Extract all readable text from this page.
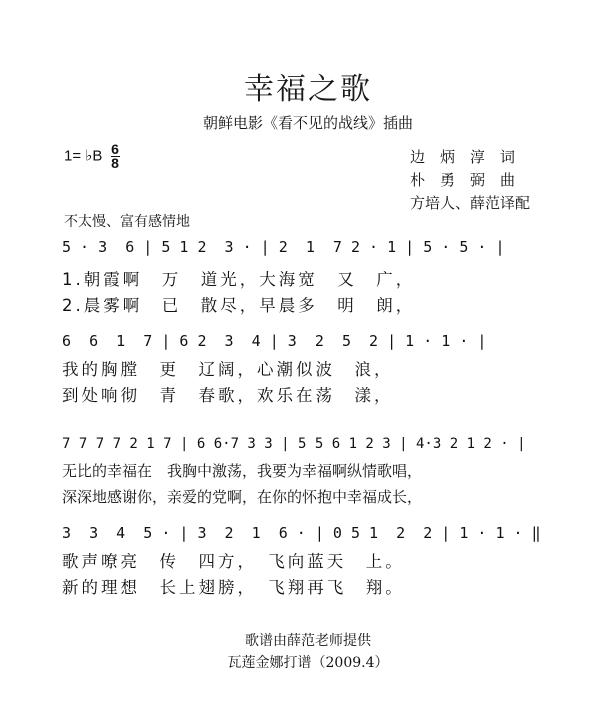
幸福之歌
朝鲜电影《看不见的战线》插曲
1= ♭B $\frac{6}{8}$	边　炳　淳　词
朴　勇　弼　曲
方培人、薛范译配
不太慢、富有感情地
5 · 3  6 | 5 1 2  3 · | 2  1  7 2 · 1 | 5 · 5 · |
1.朝霞啊　万　道光，大海宽　又　广，
2.晨雾啊　已　散尽，早晨多　明　朗，
6  6  1  7 | 6 2  3  4 | 3  2  5  2 | 1 · 1 · |
我的胸膛　更　辽阔，心潮似波　浪，
到处响彻　青　春歌，欢乐在荡　漾，
7 7 7 7 2 1 7 | 6 6·7 3 3 | 5 5 6 1 2 3 | 4·3 2 1 2 · |
无比的幸福在　我胸中激荡，我要为幸福啊纵情歌唱，
深深地感谢你，亲爱的党啊，在你的怀抱中幸福成长，
3  3  4  5 · | 3  2  1  6 · | 0 5 1  2  2 | 1 · 1 · ‖
歌声嘹亮　传　四方，　飞向蓝天　上。
新的理想　长上翅膀，　飞翔再飞　翔。
歌谱由薛范老师提供
瓦莲金娜打谱（2009.4）
